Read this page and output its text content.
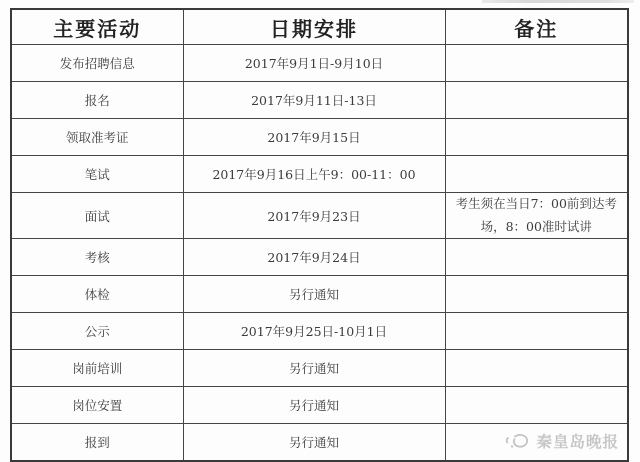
主要活动	日期安排	备注
发布招聘信息	2017年9月1日-9月10日	
报名	2017年9月11日-13日	
领取准考证	2017年9月15日	
笔试	2017年9月16日上午9：00-11：00	
面试	2017年9月23日	考生须在当日7：00前到达考场，8：00准时试讲
考核	2017年9月24日	
体检	另行通知	
公示	2017年9月25日-10月1日	
岗前培训	另行通知	
岗位安置	另行通知	
报到	另行通知	秦皇岛晚报
